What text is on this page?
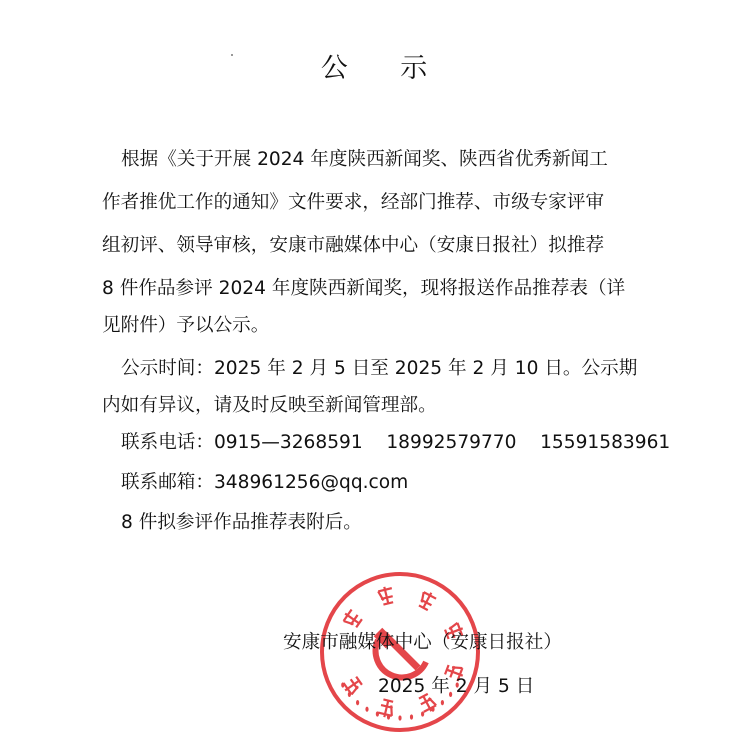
公 示
根据《关于开展 2024 年度陕西新闻奖、陕西省优秀新闻工
作者推优工作的通知》文件要求，经部门推荐、市级专家评审
组初评、领导审核，安康市融媒体中心（安康日报社）拟推荐
8 件作品参评 2024 年度陕西新闻奖，现将报送作品推荐表（详
见附件）予以公示。
公示时间：2025 年 2 月 5 日至 2025 年 2 月 10 日。公示期
内如有异议，请及时反映至新闻管理部。
联系电话：0915—3268591    18992579770    15591583961
联系邮箱：348961256@qq.com
8 件拟参评作品推荐表附后。
安康市融媒体中心（安康日报社）
2025 年 2 月 5 日
